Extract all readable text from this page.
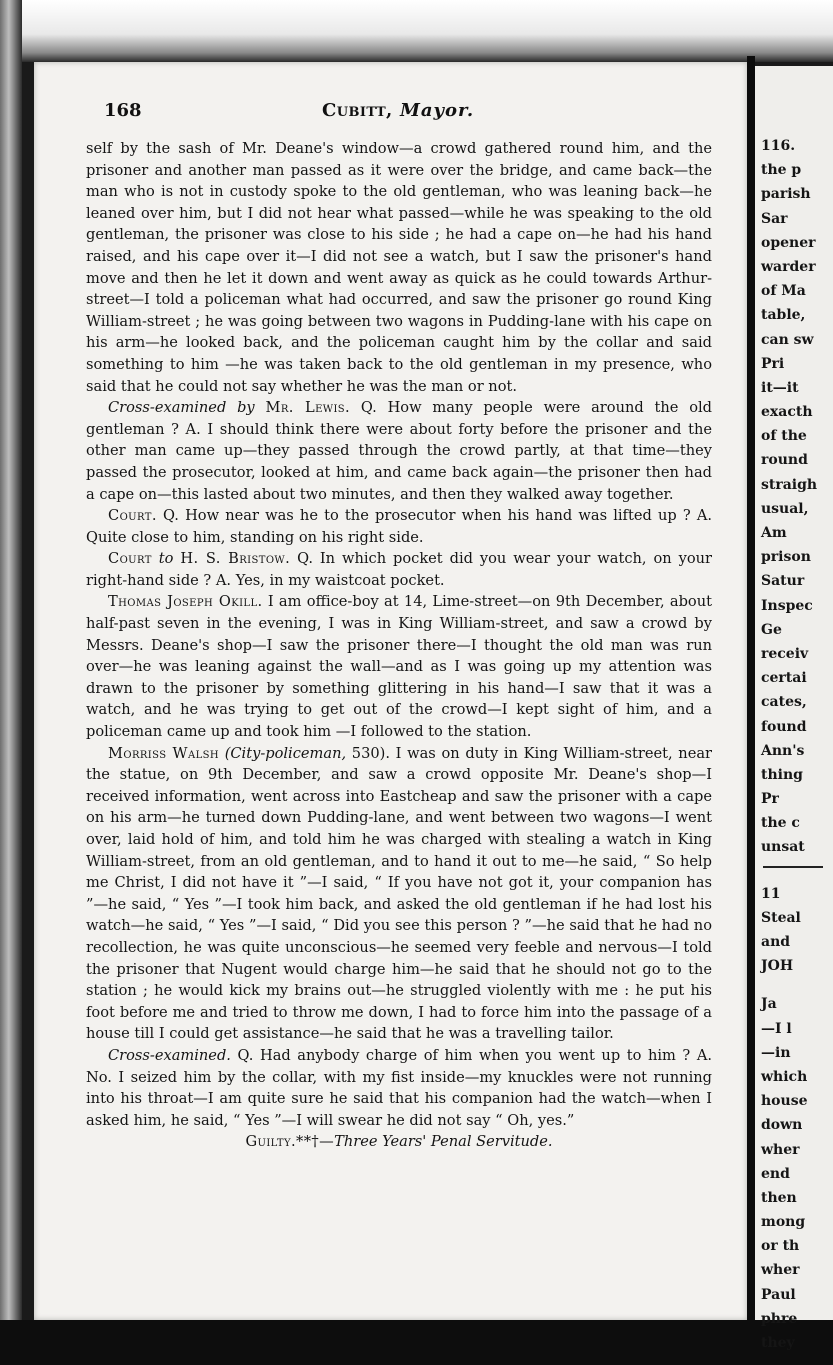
168	Cubitt, Mayor.

self by the sash of Mr. Deane's window—a crowd gathered round him, and the prisoner and another man passed as it were over the bridge, and came back—the man who is not in custody spoke to the old gentleman, who was leaning back—he leaned over him, but I did not hear what passed—while he was speaking to the old gentleman, the prisoner was close to his side ; he had a cape on—he had his hand raised, and his cape over it—I did not see a watch, but I saw the prisoner's hand move and then he let it down and went away as quick as he could towards Arthur-street—I told a policeman what had occurred, and saw the prisoner go round King William-street ; he was going between two wagons in Pudding-lane with his cape on his arm—he looked back, and the policeman caught him by the collar and said something to him —he was taken back to the old gentleman in my presence, who said that he could not say whether he was the man or not.

Cross-examined by Mr. Lewis. Q. How many people were around the old gentleman ? A. I should think there were about forty before the prisoner and the other man came up—they passed through the crowd partly, at that time—they passed the prosecutor, looked at him, and came back again—the prisoner then had a cape on—this lasted about two minutes, and then they walked away together.

Court. Q. How near was he to the prosecutor when his hand was lifted up ? A. Quite close to him, standing on his right side.

Court to H. S. Bristow. Q. In which pocket did you wear your watch, on your right-hand side ? A. Yes, in my waistcoat pocket.

Thomas Joseph Okill. I am office-boy at 14, Lime-street—on 9th December, about half-past seven in the evening, I was in King William-street, and saw a crowd by Messrs. Deane's shop—I saw the prisoner there—I thought the old man was run over—he was leaning against the wall—and as I was going up my attention was drawn to the prisoner by something glittering in his hand—I saw that it was a watch, and he was trying to get out of the crowd—I kept sight of him, and a policeman came up and took him —I followed to the station.

Morriss Walsh (City-policeman, 530). I was on duty in King William-street, near the statue, on 9th December, and saw a crowd opposite Mr. Deane's shop—I received information, went across into Eastcheap and saw the prisoner with a cape on his arm—he turned down Pudding-lane, and went between two wagons—I went over, laid hold of him, and told him he was charged with stealing a watch in King William-street, from an old gentleman, and to hand it out to me—he said, “ So help me Christ, I did not have it ”—I said, “ If you have not got it, your companion has ”—he said, “ Yes ”—I took him back, and asked the old gentleman if he had lost his watch—he said, “ Yes ”—I said, “ Did you see this person ? ”—he said that he had no recollection, he was quite unconscious—he seemed very feeble and nervous—I told the prisoner that Nugent would charge him—he said that he should not go to the station ; he would kick my brains out—he struggled violently with me : he put his foot before me and tried to throw me down, I had to force him into the passage of a house till I could get assistance—he said that he was a travelling tailor.

Cross-examined. Q. Had anybody charge of him when you went up to him ? A. No. I seized him by the collar, with my fist inside—my knuckles were not running into his throat—I am quite sure he said that his companion had the watch—when I asked him, he said, “ Yes ”—I will swear he did not say “ Oh, yes.”

Guilty.**†—Three Years' Penal Servitude.

116.
the p
parish
Sar
opener
warder
of Ma
table,
can sw
Pri
it—it
exacth
of the
round
straigh
usual,
Am
prison
Satur
Inspec
Ge
receiv
certai
cates,
found
Ann's
thing
Pr
the c
unsat
11
Steal
and
JOH
Ja
—I l
—in
which
house
down
wher
end
then
mong
or th
wher
Paul
phre
they
